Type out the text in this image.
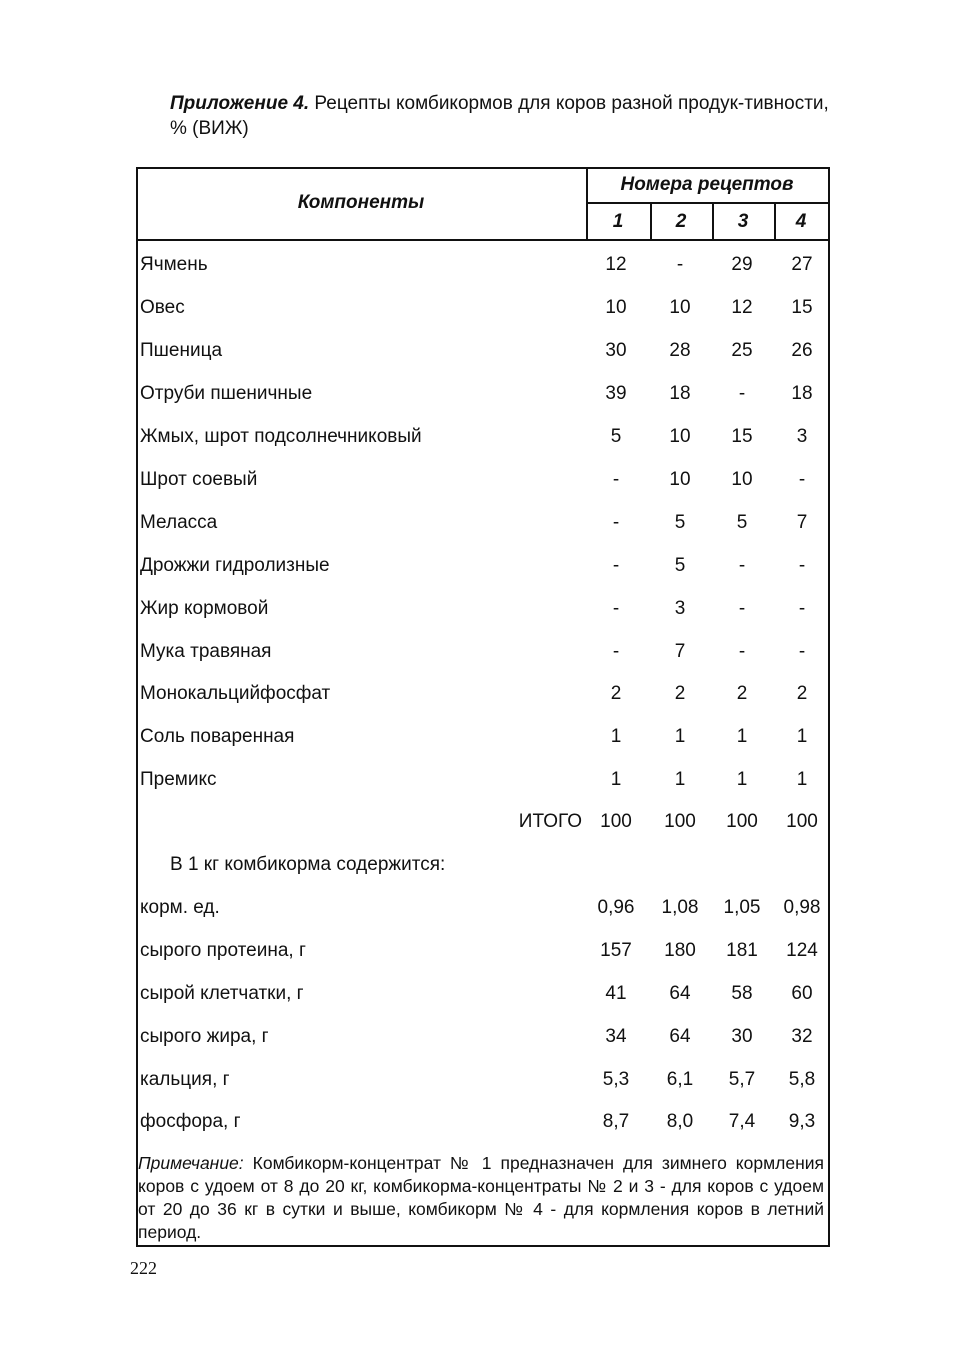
Приложение 4. Рецепты комбикормов для коров разной продук-тивности, % (ВИЖ)
Компоненты
Номера рецептов
1	2	3	4
Ячмень	12	-	29	27
Овес	10	10	12	15
Пшеница	30	28	25	26
Отруби пшеничные	39	18	-	18
Жмых, шрот подсолнечниковый	5	10	15	3
Шрот соевый	-	10	10	-
Меласса	-	5	5	7
Дрожжи гидролизные	-	5	-	-
Жир кормовой	-	3	-	-
Мука травяная	-	7	-	-
Монокальцийфосфат	2	2	2	2
Соль поваренная	1	1	1	1
Премикс	1	1	1	1
ИТОГО 100	100	100	100
В 1 кг комбикорма содержится:
корм. ед.	0,96	1,08	1,05	0,98
сырого протеина, г	157	180	181	124
сырой клетчатки, г	41	64	58	60
сырого жира, г	34	64	30	32
кальция, г	5,3	6,1	5,7	5,8
фосфора, г	8,7	8,0	7,4	9,3
Примечание: Комбикорм-концентрат № 1 предназначен для зимнего кормления коров с удоем от 8 до 20 кг, комбикорма-концентраты № 2 и 3 - для коров с удоем от 20 до 36 кг в сутки и выше, комбикорм № 4 - для кормления коров в летний период.
222
